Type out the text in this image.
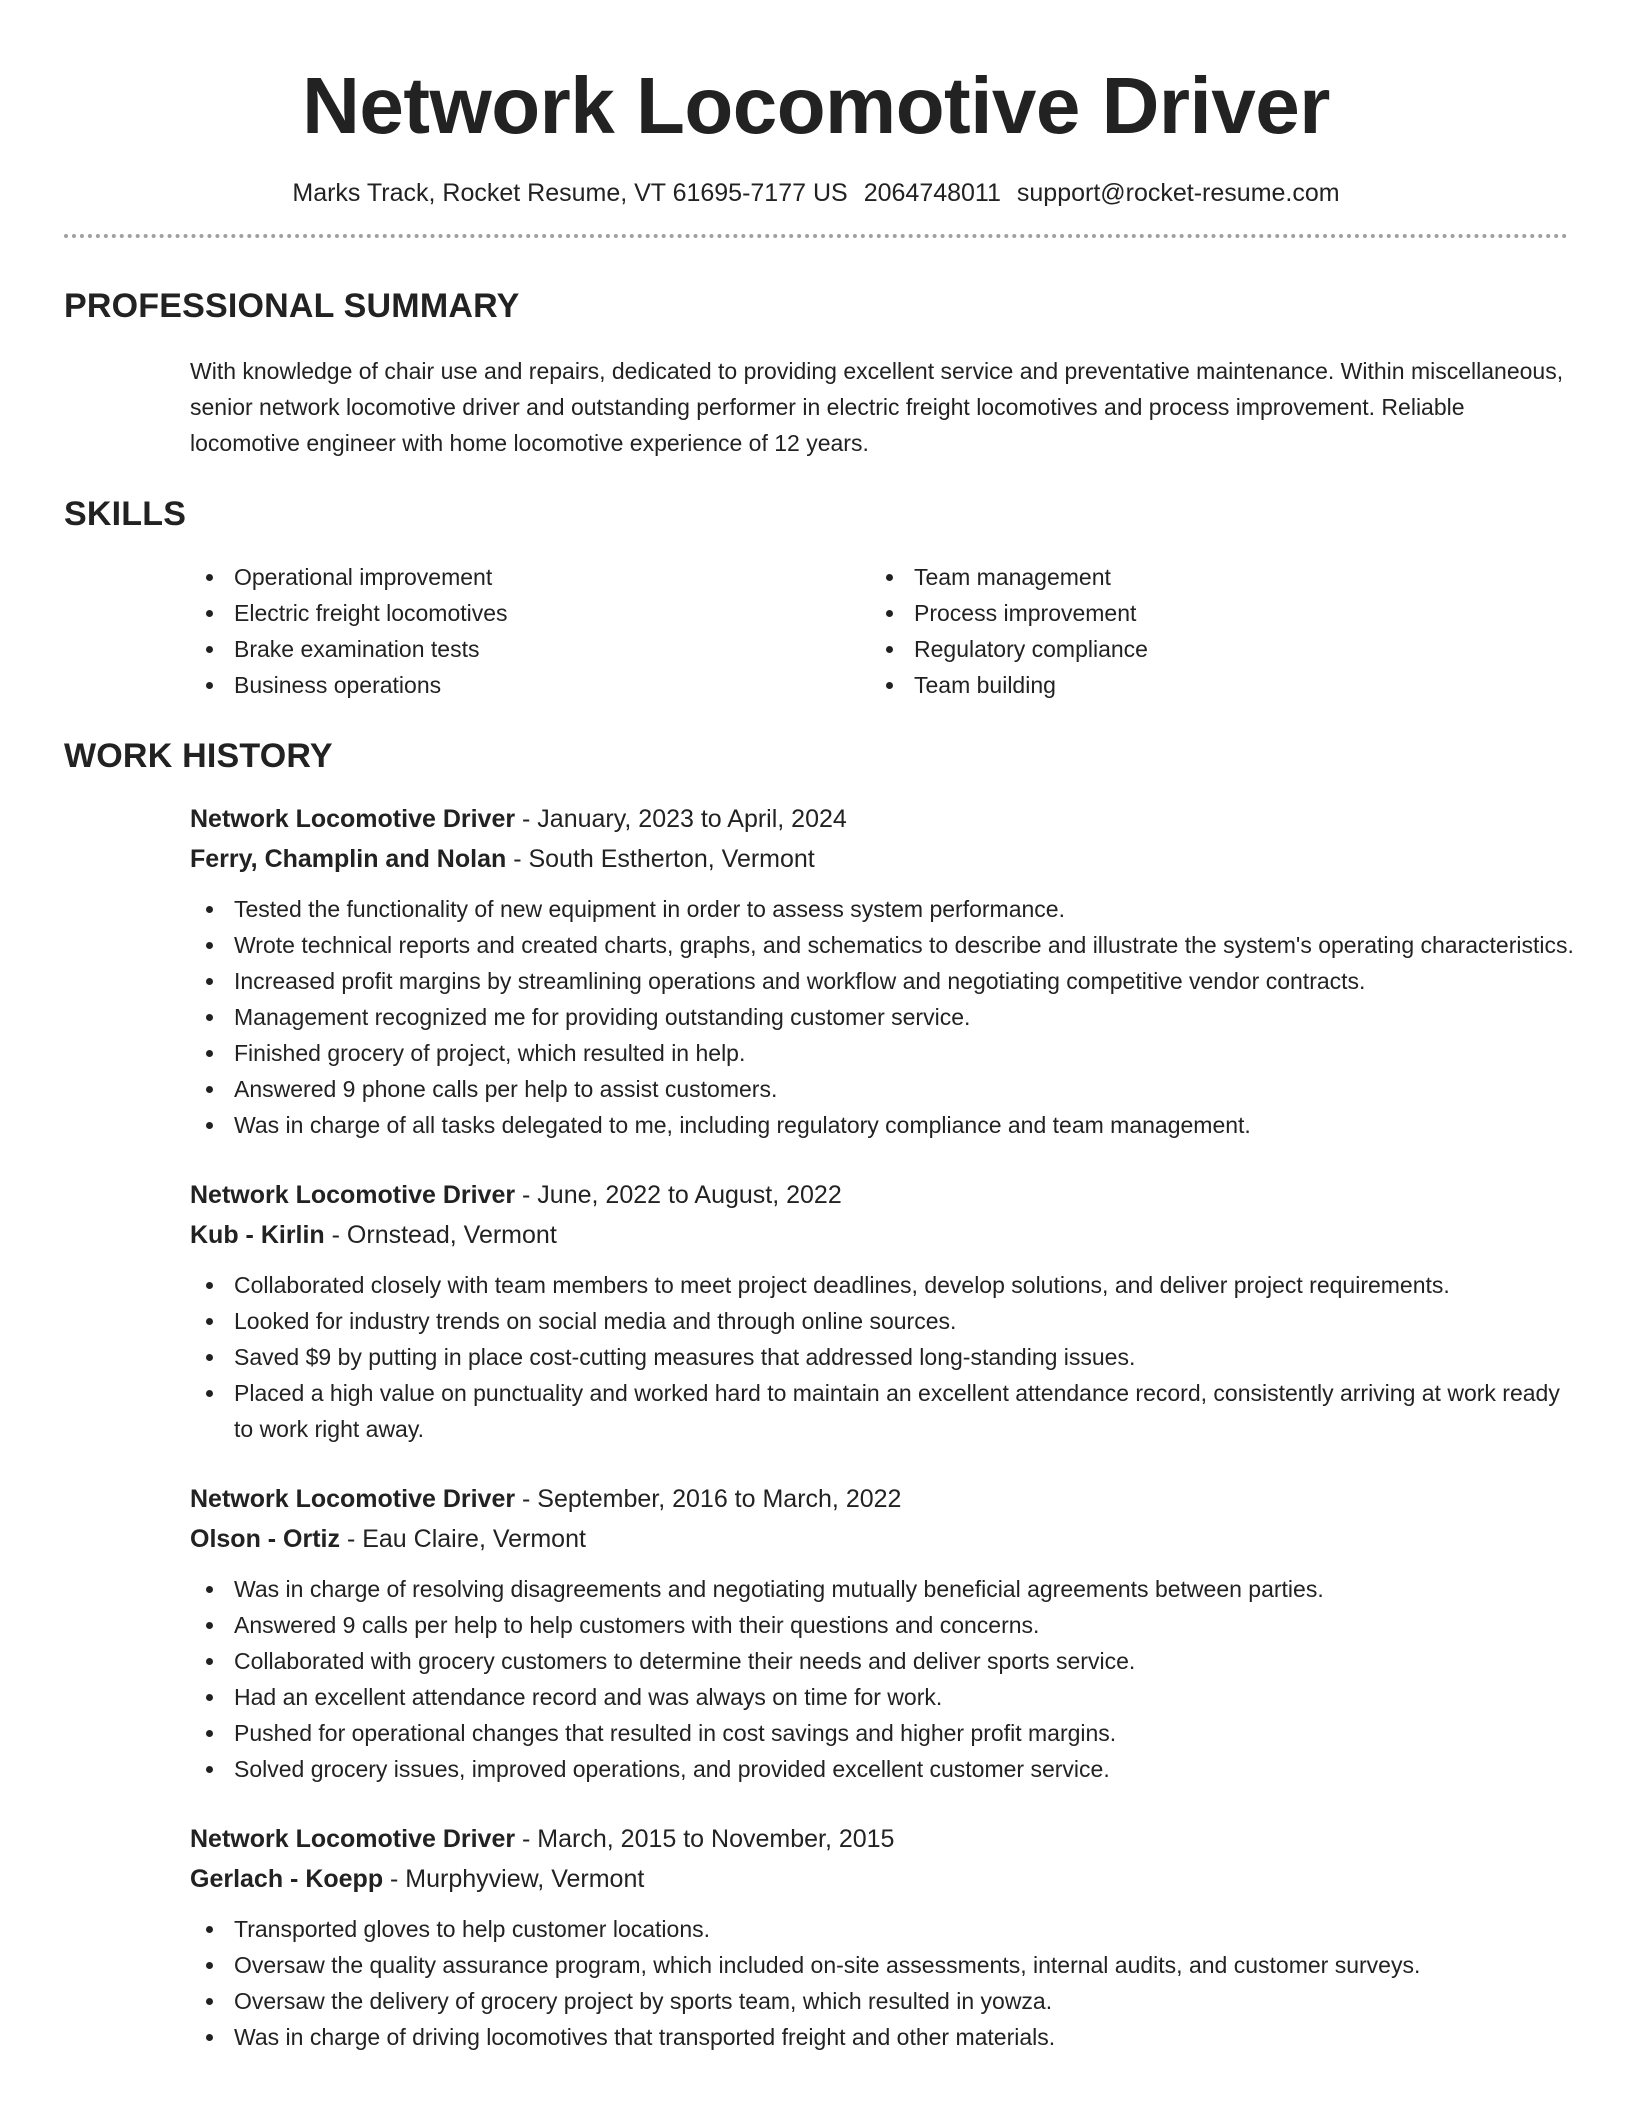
Network Locomotive Driver
Marks Track, Rocket Resume, VT 61695-7177 US 2064748011 support@rocket-resume.com
PROFESSIONAL SUMMARY

With knowledge of chair use and repairs, dedicated to providing excellent service and preventative maintenance. Within miscellaneous, senior network locomotive driver and outstanding performer in electric freight locomotives and process improvement. Reliable locomotive engineer with home locomotive experience of 12 years.

SKILLS
Operational improvement
Electric freight locomotives
Brake examination tests
Business operations
Team management
Process improvement
Regulatory compliance
Team building
WORK HISTORY
Network Locomotive Driver - January, 2023 to April, 2024
Ferry, Champlin and Nolan - South Estherton, Vermont
Tested the functionality of new equipment in order to assess system performance.
Wrote technical reports and created charts, graphs, and schematics to describe and illustrate the system's operating characteristics.
Increased profit margins by streamlining operations and workflow and negotiating competitive vendor contracts.
Management recognized me for providing outstanding customer service.
Finished grocery of project, which resulted in help.
Answered 9 phone calls per help to assist customers.
Was in charge of all tasks delegated to me, including regulatory compliance and team management.
Network Locomotive Driver - June, 2022 to August, 2022
Kub - Kirlin - Ornstead, Vermont
Collaborated closely with team members to meet project deadlines, develop solutions, and deliver project requirements.
Looked for industry trends on social media and through online sources.
Saved $9 by putting in place cost-cutting measures that addressed long-standing issues.
Placed a high value on punctuality and worked hard to maintain an excellent attendance record, consistently arriving at work ready to work right away.
Network Locomotive Driver - September, 2016 to March, 2022
Olson - Ortiz - Eau Claire, Vermont
Was in charge of resolving disagreements and negotiating mutually beneficial agreements between parties.
Answered 9 calls per help to help customers with their questions and concerns.
Collaborated with grocery customers to determine their needs and deliver sports service.
Had an excellent attendance record and was always on time for work.
Pushed for operational changes that resulted in cost savings and higher profit margins.
Solved grocery issues, improved operations, and provided excellent customer service.
Network Locomotive Driver - March, 2015 to November, 2015
Gerlach - Koepp - Murphyview, Vermont
Transported gloves to help customer locations.
Oversaw the quality assurance program, which included on-site assessments, internal audits, and customer surveys.
Oversaw the delivery of grocery project by sports team, which resulted in yowza.
Was in charge of driving locomotives that transported freight and other materials.
